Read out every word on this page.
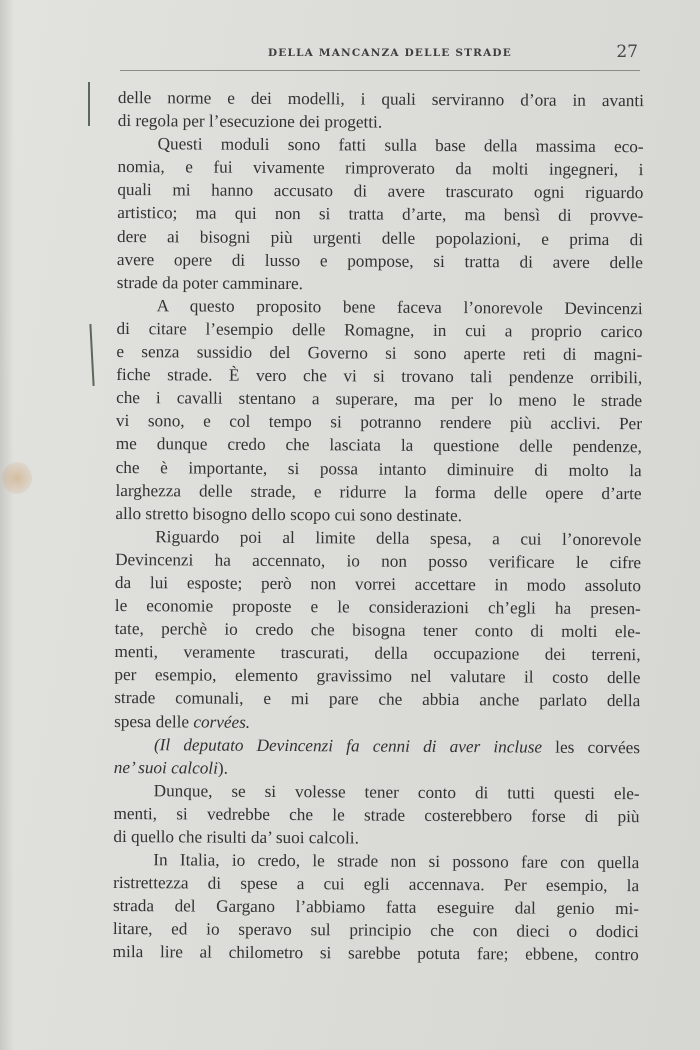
DELLA MANCANZA DELLE STRADE	27
delle norme e dei modelli, i quali serviranno d’ora in avanti
di regola per l’esecuzione dei progetti.
Questi moduli sono fatti sulla base della massima eco-
nomia, e fui vivamente rimproverato da molti ingegneri, i
quali mi hanno accusato di avere trascurato ogni riguardo
artistico; ma qui non si tratta d’arte, ma bensì di provve-
dere ai bisogni più urgenti delle popolazioni, e prima di
avere opere di lusso e pompose, si tratta di avere delle
strade da poter camminare.
A questo proposito bene faceva l’onorevole Devincenzi
di citare l’esempio delle Romagne, in cui a proprio carico
e senza sussidio del Governo si sono aperte reti di magni-
fiche strade. È vero che vi si trovano tali pendenze orribili,
che i cavalli stentano a superare, ma per lo meno le strade
vi sono, e col tempo si potranno rendere più acclivi. Per
me dunque credo che lasciata la questione delle pendenze,
che è importante, si possa intanto diminuire di molto la
larghezza delle strade, e ridurre la forma delle opere d’arte
allo stretto bisogno dello scopo cui sono destinate.
Riguardo poi al limite della spesa, a cui l’onorevole
Devincenzi ha accennato, io non posso verificare le cifre
da lui esposte; però non vorrei accettare in modo assoluto
le economie proposte e le considerazioni ch’egli ha presen-
tate, perchè io credo che bisogna tener conto di molti ele-
menti, veramente trascurati, della occupazione dei terreni,
per esempio, elemento gravissimo nel valutare il costo delle
strade comunali, e mi pare che abbia anche parlato della
spesa delle corvées.
(Il deputato Devincenzi fa cenni di aver incluse les corvées
ne’ suoi calcoli).
Dunque, se si volesse tener conto di tutti questi ele-
menti, si vedrebbe che le strade costerebbero forse di più
di quello che risulti da’ suoi calcoli.
In Italia, io credo, le strade non si possono fare con quella
ristrettezza di spese a cui egli accennava. Per esempio, la
strada del Gargano l’abbiamo fatta eseguire dal genio mi-
litare, ed io speravo sul principio che con dieci o dodici
mila lire al chilometro si sarebbe potuta fare; ebbene, contro
